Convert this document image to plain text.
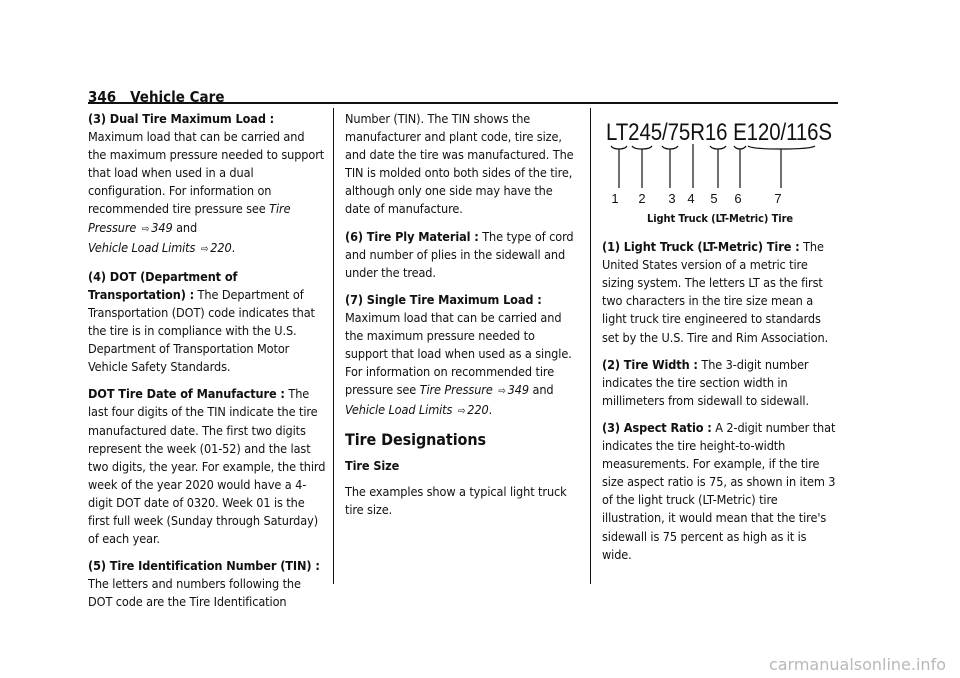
346 Vehicle Care

(3) Dual Tire Maximum Load :
Maximum load that can be carried and the maximum pressure needed to support that load when used in a dual configuration. For information on recommended tire pressure see Tire Pressure ⇨ 349 and
Vehicle Load Limits ⇨ 220.

(4) DOT (Department of Transportation) : The Department of Transportation (DOT) code indicates that the tire is in compliance with the U.S. Department of Transportation Motor Vehicle Safety Standards.

DOT Tire Date of Manufacture : The last four digits of the TIN indicate the tire manufactured date. The first two digits represent the week (01-52) and the last two digits, the year. For example, the third week of the year 2020 would have a 4-digit DOT date of 0320. Week 01 is the first full week (Sunday through Saturday) of each year.

(5) Tire Identification Number (TIN) :
The letters and numbers following the DOT code are the Tire Identification

Number (TIN). The TIN shows the manufacturer and plant code, tire size, and date the tire was manufactured. The TIN is molded onto both sides of the tire, although only one side may have the date of manufacture.

(6) Tire Ply Material : The type of cord and number of plies in the sidewall and under the tread.

(7) Single Tire Maximum Load :
Maximum load that can be carried and the maximum pressure needed to support that load when used as a single. For information on recommended tire pressure see Tire Pressure ⇨ 349 and
Vehicle Load Limits ⇨ 220.

Tire Designations
Tire Size

The examples show a typical light truck tire size.

LT245/75R16 E120/116S
1 2 3 4 5 6	7
Light Truck (LT-Metric) Tire

(1) Light Truck (LT-Metric) Tire : The United States version of a metric tire sizing system. The letters LT as the first two characters in the tire size mean a light truck tire engineered to standards set by the U.S. Tire and Rim Association.

(2) Tire Width : The 3-digit number indicates the tire section width in millimeters from sidewall to sidewall.

(3) Aspect Ratio : A 2-digit number that indicates the tire height-to-width measurements. For example, if the tire size aspect ratio is 75, as shown in item 3 of the light truck (LT-Metric) tire illustration, it would mean that the tire's sidewall is 75 percent as high as it is wide.

carmanualsonline.info
